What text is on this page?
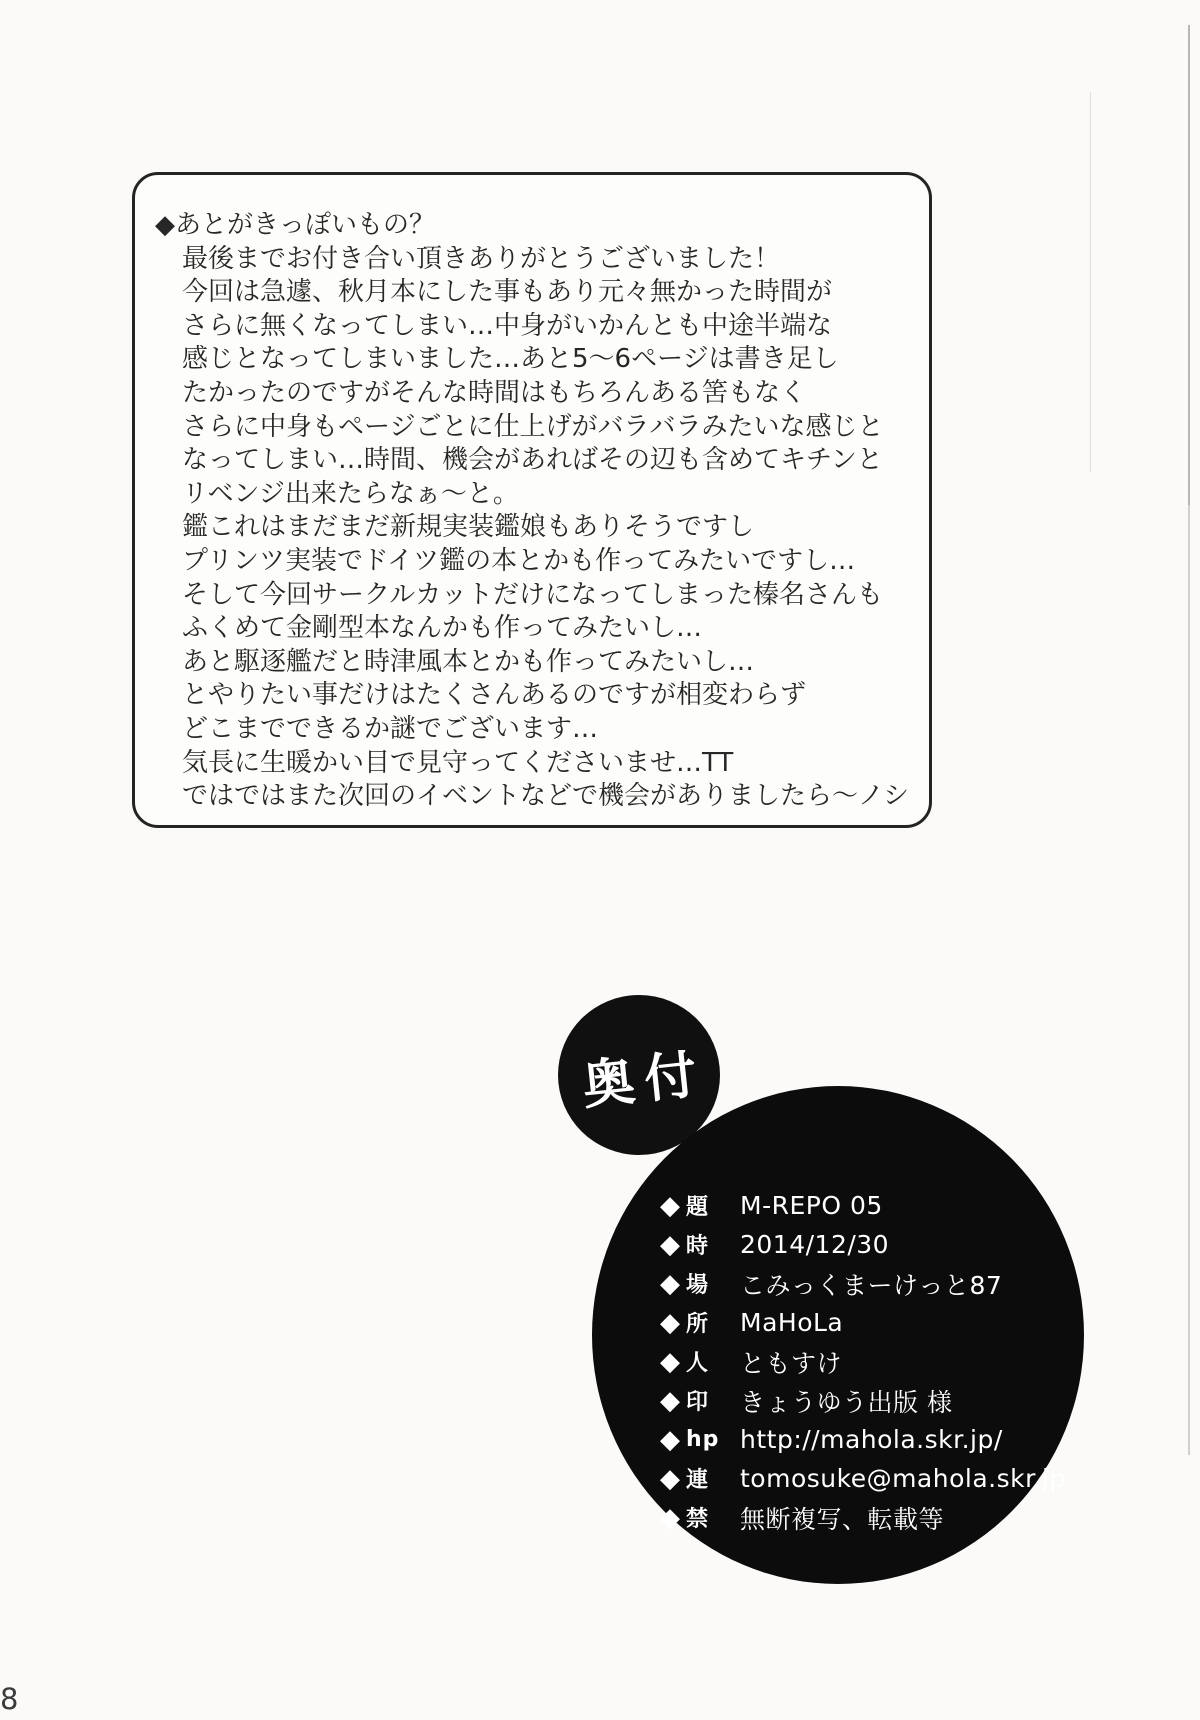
◆あとがきっぽいもの？
最後までお付き合い頂きありがとうございました！
今回は急遽、秋月本にした事もあり元々無かった時間が
さらに無くなってしまい…中身がいかんとも中途半端な
感じとなってしまいました…あと5～6ページは書き足し
たかったのですがそんな時間はもちろんある筈もなく
さらに中身もページごとに仕上げがバラバラみたいな感じと
なってしまい…時間、機会があればその辺も含めてキチンと
リベンジ出来たらなぁ～と。
鑑これはまだまだ新規実装鑑娘もありそうですし
プリンツ実装でドイツ鑑の本とかも作ってみたいですし…
そして今回サークルカットだけになってしまった榛名さんも
ふくめて金剛型本なんかも作ってみたいし…
あと駆逐艦だと時津風本とかも作ってみたいし…
とやりたい事だけはたくさんあるのですが相変わらず
どこまでできるか謎でございます…
気長に生暖かい目で見守ってくださいませ…TT
ではではまた次回のイベントなどで機会がありましたら～ノシ
奥付
◆ 題	M-REPO 05
◆ 時	2014/12/30
◆ 場	こみっくまーけっと87
◆ 所	MaHoLa
◆ 人	ともすけ
◆ 印	きょうゆう出版 様
◆ hp http://mahola.skr.jp/
◆ 連	tomosuke@mahola.skr.jp
◆ 禁	無断複写、転載等
8
